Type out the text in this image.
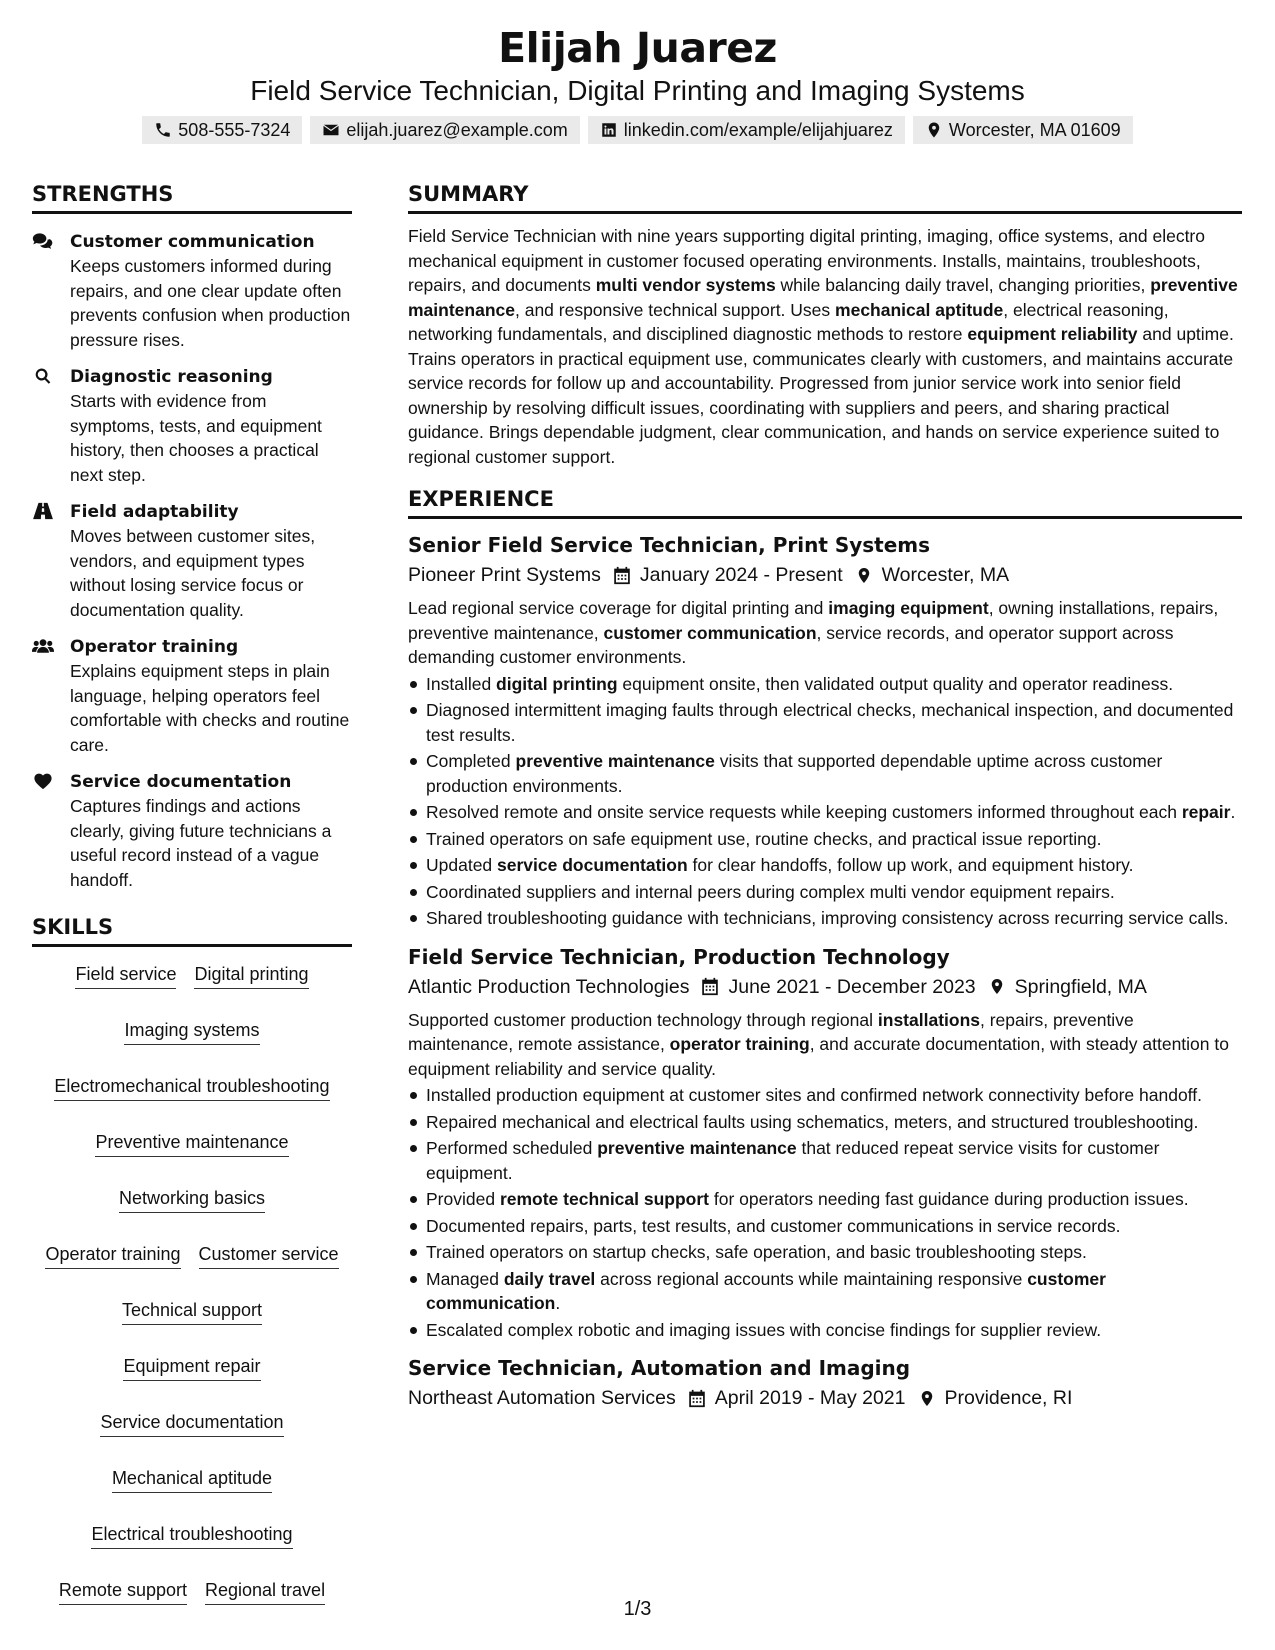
Elijah Juarez
Field Service Technician, Digital Printing and Imaging Systems
508-555-7324	elijah.juarez@example.com	linkedin.com/example/elijahjuarez	Worcester, MA 01609
STRENGTHS
Customer communication
Keeps customers informed during repairs, and one clear update often prevents confusion when production pressure rises.
Diagnostic reasoning
Starts with evidence from symptoms, tests, and equipment history, then chooses a practical next step.
Field adaptability
Moves between customer sites, vendors, and equipment types without losing service focus or documentation quality.
Operator training
Explains equipment steps in plain language, helping operators feel comfortable with checks and routine care.
Service documentation
Captures findings and actions clearly, giving future technicians a useful record instead of a vague handoff.
SKILLS
Field service Digital printing
Imaging systems
Electromechanical troubleshooting
Preventive maintenance
Networking basics
Operator training Customer service
Technical support
Equipment repair
Service documentation
Mechanical aptitude
Electrical troubleshooting
Remote support Regional travel
SUMMARY
Field Service Technician with nine years supporting digital printing, imaging, office systems, and electro mechanical equipment in customer focused operating environments. Installs, maintains, troubleshoots, repairs, and documents multi vendor systems while balancing daily travel, changing priorities, preventive maintenance, and responsive technical support. Uses mechanical aptitude, electrical reasoning, networking fundamentals, and disciplined diagnostic methods to restore equipment reliability and uptime. Trains operators in practical equipment use, communicates clearly with customers, and maintains accurate service records for follow up and accountability. Progressed from junior service work into senior field ownership by resolving difficult issues, coordinating with suppliers and peers, and sharing practical guidance. Brings dependable judgment, clear communication, and hands on service experience suited to regional customer support.
EXPERIENCE
Senior Field Service Technician, Print Systems
Pioneer Print Systems January 2024 - Present Worcester, MA
Lead regional service coverage for digital printing and imaging equipment, owning installations, repairs, preventive maintenance, customer communication, service records, and operator support across demanding customer environments.
Installed digital printing equipment onsite, then validated output quality and operator readiness.
Diagnosed intermittent imaging faults through electrical checks, mechanical inspection, and documented test results.
Completed preventive maintenance visits that supported dependable uptime across customer production environments.
Resolved remote and onsite service requests while keeping customers informed throughout each repair.
Trained operators on safe equipment use, routine checks, and practical issue reporting.
Updated service documentation for clear handoffs, follow up work, and equipment history.
Coordinated suppliers and internal peers during complex multi vendor equipment repairs.
Shared troubleshooting guidance with technicians, improving consistency across recurring service calls.
Field Service Technician, Production Technology
Atlantic Production Technologies June 2021 - December 2023 Springfield, MA
Supported customer production technology through regional installations, repairs, preventive maintenance, remote assistance, operator training, and accurate documentation, with steady attention to equipment reliability and service quality.
Installed production equipment at customer sites and confirmed network connectivity before handoff.
Repaired mechanical and electrical faults using schematics, meters, and structured troubleshooting.
Performed scheduled preventive maintenance that reduced repeat service visits for customer equipment.
Provided remote technical support for operators needing fast guidance during production issues.
Documented repairs, parts, test results, and customer communications in service records.
Trained operators on startup checks, safe operation, and basic troubleshooting steps.
Managed daily travel across regional accounts while maintaining responsive customer communication.
Escalated complex robotic and imaging issues with concise findings for supplier review.
Service Technician, Automation and Imaging
Northeast Automation Services April 2019 - May 2021 Providence, RI
1/3
